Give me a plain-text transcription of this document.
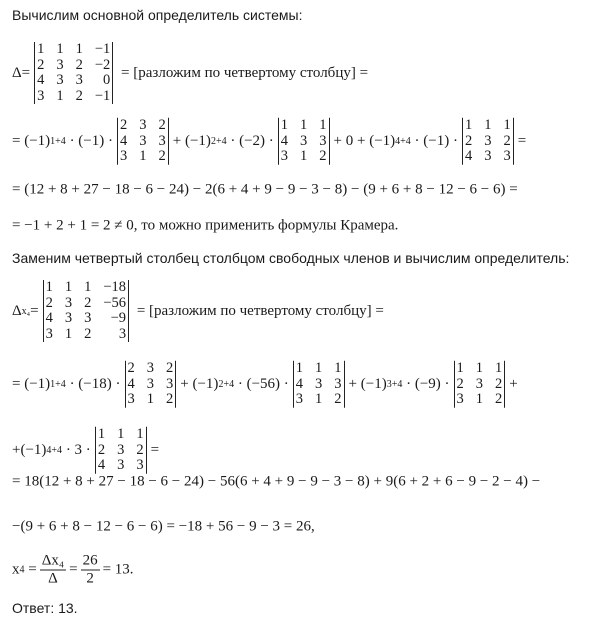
Вычислим основной определитель системы:
Δ=
1 1 1 −1
2 3 2 −2
4 3 3	0
3 1 2 −1
= [разложим по четвертому столбцу] =
= (−1) 1+4 · (−1) ·
2 3 2
4 3 3
3 1 2
+ (−1) 2+4 · (−2) ·
1 1 1
4 3 3
3 1 2
+ 0 + (−1) 4+4 · (−1) ·
1 1 1
2 3 2
4 3 3
=
= (12 + 8 + 27 − 18 − 6 − 24) − 2(6 + 4 + 9 − 9 − 3 − 8) − (9 + 6 + 8 − 12 − 6 − 6) =
= −1 + 2 + 1 = 2 ≠ 0, то можно применить формулы Крамера.
Заменим четвертый столбец столбцом свободных членов и вычислим определитель:
Δ x₄ =
1 1 1 −18
2 3 2 −56
4 3 3	−9
3 1 2	3
= [разложим по четвертому столбцу] =
= (−1) 1+4 · (−18) ·
2 3 2
4 3 3
3 1 2
+ (−1) 2+4 · (−56) ·
1 1 1
4 3 3
3 1 2
+ (−1) 3+4 · (−9) ·
1 1 1
2 3 2
3 1 2
+
+(−1) 4+4 · 3 ·
1 1 1
2 3 2
4 3 3
=
= 18(12 + 8 + 27 − 18 − 6 − 24) − 56(6 + 4 + 9 − 9 − 3 − 8) + 9(6 + 2 + 6 − 9 − 2 − 4) −
−(9 + 6 + 8 − 12 − 6 − 6) = −18 + 56 − 9 − 3 = 26,
x $4 = \frac{\text{Δx₄}}{\Delta} = \frac{26}{2} = 13$.
Ответ: 13.
